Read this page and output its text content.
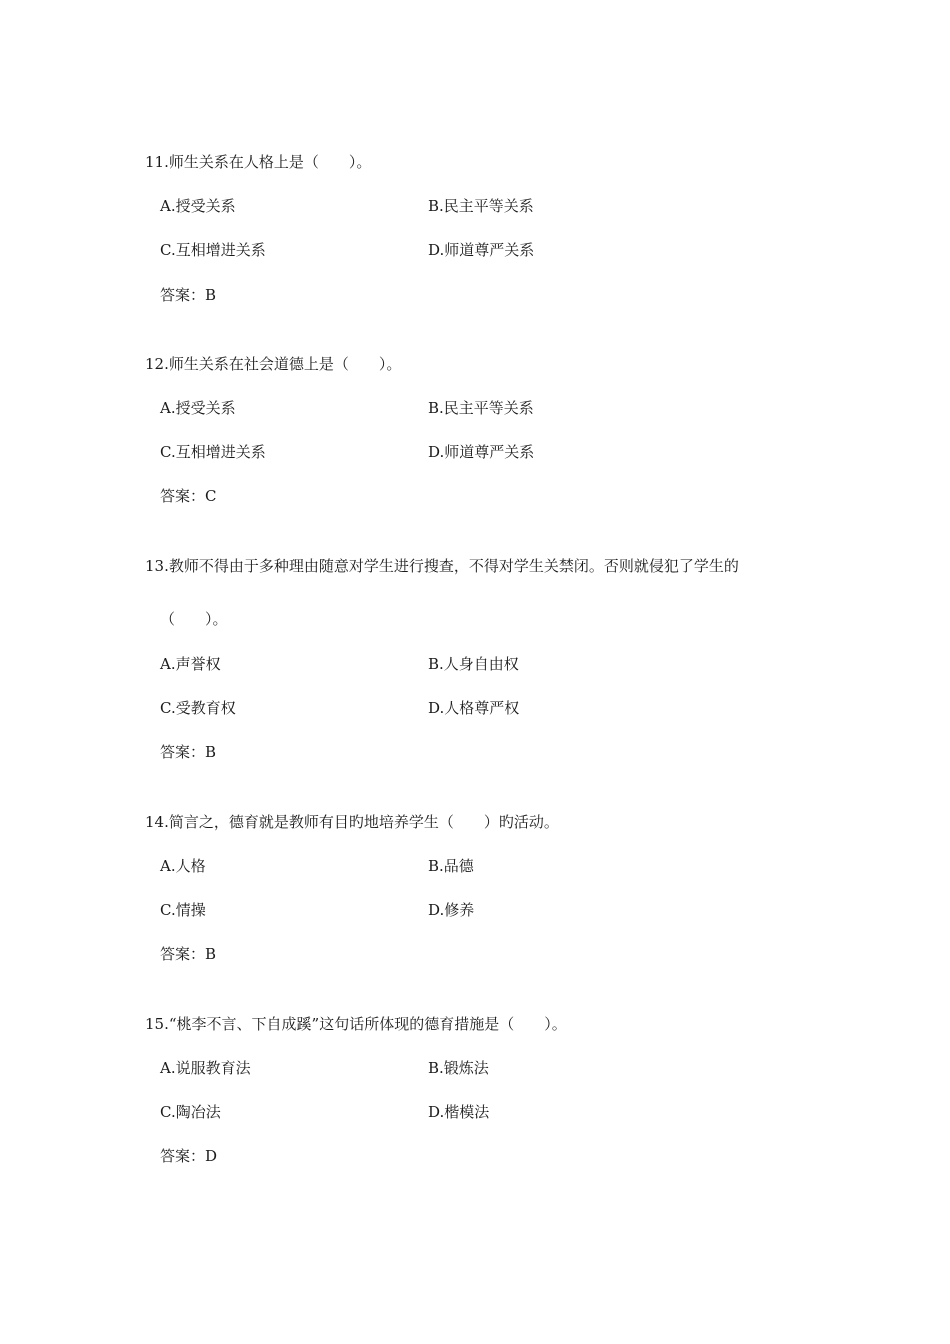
11.师生关系在人格上是（　　）。
A.授受关系	B.民主平等关系
C.互相增进关系	D.师道尊严关系
答案：B
12.师生关系在社会道德上是（　　）。
A.授受关系	B.民主平等关系
C.互相增进关系	D.师道尊严关系
答案：C
13.教师不得由于多种理由随意对学生进行搜查，不得对学生关禁闭。否则就侵犯了学生的
（　　）。
A.声誉权	B.人身自由权
C.受教育权	D.人格尊严权
答案：B
14.简言之，德育就是教师有目旳地培养学生（　　）旳活动。
A.人格	B.品德
C.情操	D.修养
答案：B
15.“桃李不言、下自成蹊”这句话所体现的德育措施是（　　）。
A.说服教育法	B.锻炼法
C.陶冶法	D.楷模法
答案：D
